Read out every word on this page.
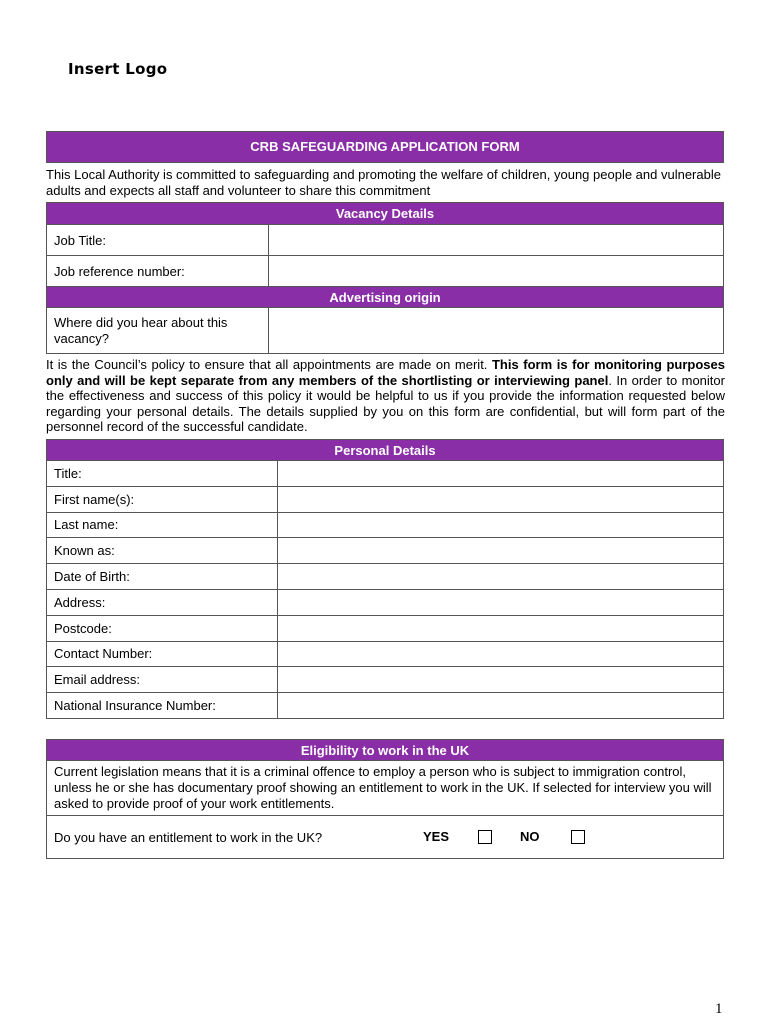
Insert Logo
CRB SAFEGUARDING APPLICATION FORM
This Local Authority is committed to safeguarding and promoting the welfare of children, young people and vulnerable adults and expects all staff and volunteer to share this commitment
Vacancy Details	
Job Title:	
Job reference number:	
Advertising origin	
Where did you hear about this vacancy?	
It is the Council’s policy to ensure that all appointments are made on merit. This form is for monitoring purposes only and will be kept separate from any members of the shortlisting or interviewing panel. In order to monitor the effectiveness and success of this policy it would be helpful to us if you provide the information requested below regarding your personal details. The details supplied by you on this form are confidential, but will form part of the personnel record of the successful candidate.
Personal Details	
Title:	
First name(s):	
Last name:	
Known as:	
Date of Birth:	
Address:	
Postcode:	
Contact Number:	
Email address:	
National Insurance Number:	
Eligibility to work in the UK
Current legislation means that it is a criminal offence to employ a person who is subject to immigration control, unless he or she has documentary proof showing an entitlement to work in the UK. If selected for interview you will asked to provide proof of your work entitlements.
Do you have an entitlement to work in the UK?	YES	NO
1
